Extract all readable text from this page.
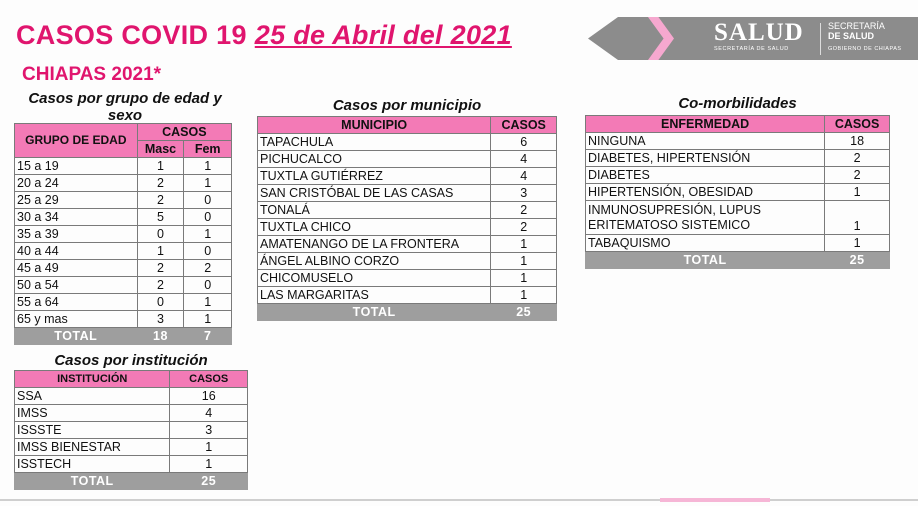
CASOS COVID 19 25 de Abril del 2021
CHIAPAS 2021*
SALUD
SECRETARÍA DE SALUD
SECRETARÍA
DE SALUD
GOBIERNO DE CHIAPAS
Casos por grupo de edad y sexo
GRUPO DE EDAD	CASOS	
	Masc	Fem
15 a 19	1	1
20 a 24	2	1
25 a 29	2	0
30 a 34	5	0
35 a 39	0	1
40 a 44	1	0
45 a 49	2	2
50 a 54	2	0
55 a 64	0	1
65 y mas	3	1
TOTAL	18	7
Casos por institución
INSTITUCIÓN	CASOS
SSA	16
IMSS	4
ISSSTE	3
IMSS BIENESTAR	1
ISSTECH	1
TOTAL	25
Casos por municipio
MUNICIPIO	CASOS
TAPACHULA	6
PICHUCALCO	4
TUXTLA GUTIÉRREZ	4
SAN CRISTÓBAL DE LAS CASAS	3
TONALÁ	2
TUXTLA CHICO	2
AMATENANGO DE LA FRONTERA	1
ÁNGEL ALBINO CORZO	1
CHICOMUSELO	1
LAS MARGARITAS	1
TOTAL	25
Co-morbilidades
ENFERMEDAD	CASOS
NINGUNA	18
DIABETES, HIPERTENSIÓN	2
DIABETES	2
HIPERTENSIÓN, OBESIDAD	1

INMUNOSUPRESIÓN, LUPUS
ERITEMATOSO SISTEMICO	1
TABAQUISMO	1
TOTAL	25
